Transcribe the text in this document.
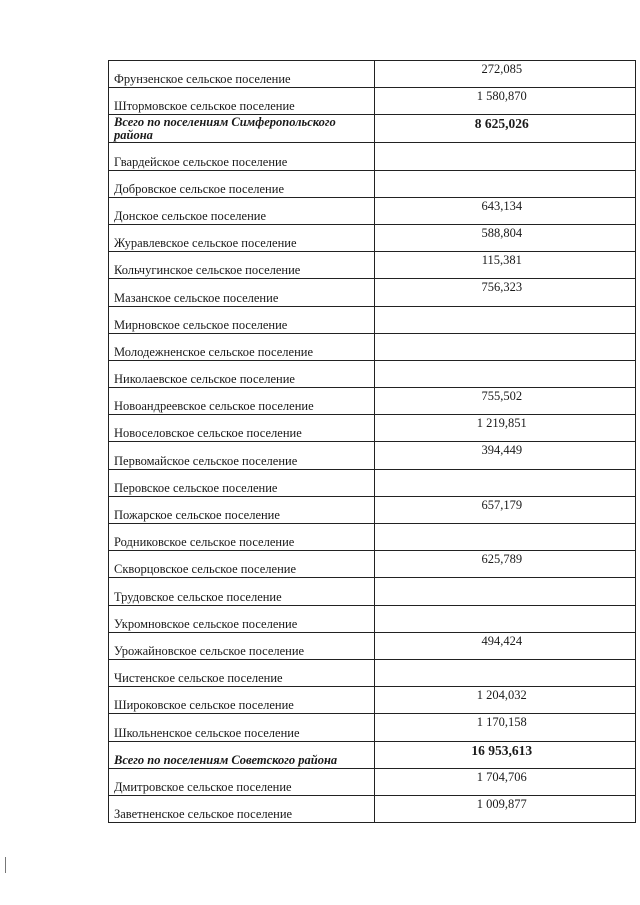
Фрунзенское сельское поселение	272,085
Штормовское сельское поселение	1 580,870
Всего по поселениям Симферопольского района	8 625,026
Гвардейское сельское поселение	
Добровское сельское поселение	
Донское сельское поселение	643,134
Журавлевское сельское поселение	588,804
Кольчугинское сельское поселение	115,381
Мазанское сельское поселение	756,323
Мирновское сельское поселение	
Молодежненское сельское поселение	
Николаевское сельское поселение	
Новоандреевское сельское поселение	755,502
Новоселовское сельское поселение	1 219,851
Первомайское сельское поселение	394,449
Перовское сельское поселение	
Пожарское сельское поселение	657,179
Родниковское сельское поселение	
Скворцовское сельское поселение	625,789
Трудовское сельское поселение	
Укромновское сельское поселение	
Урожайновское сельское поселение	494,424
Чистенское сельское поселение	
Широковское сельское поселение	1 204,032
Школьненское сельское поселение	1 170,158
Всего по поселениям Советского района	16 953,613
Дмитровское сельское поселение	1 704,706
Заветненское сельское поселение	1 009,877
